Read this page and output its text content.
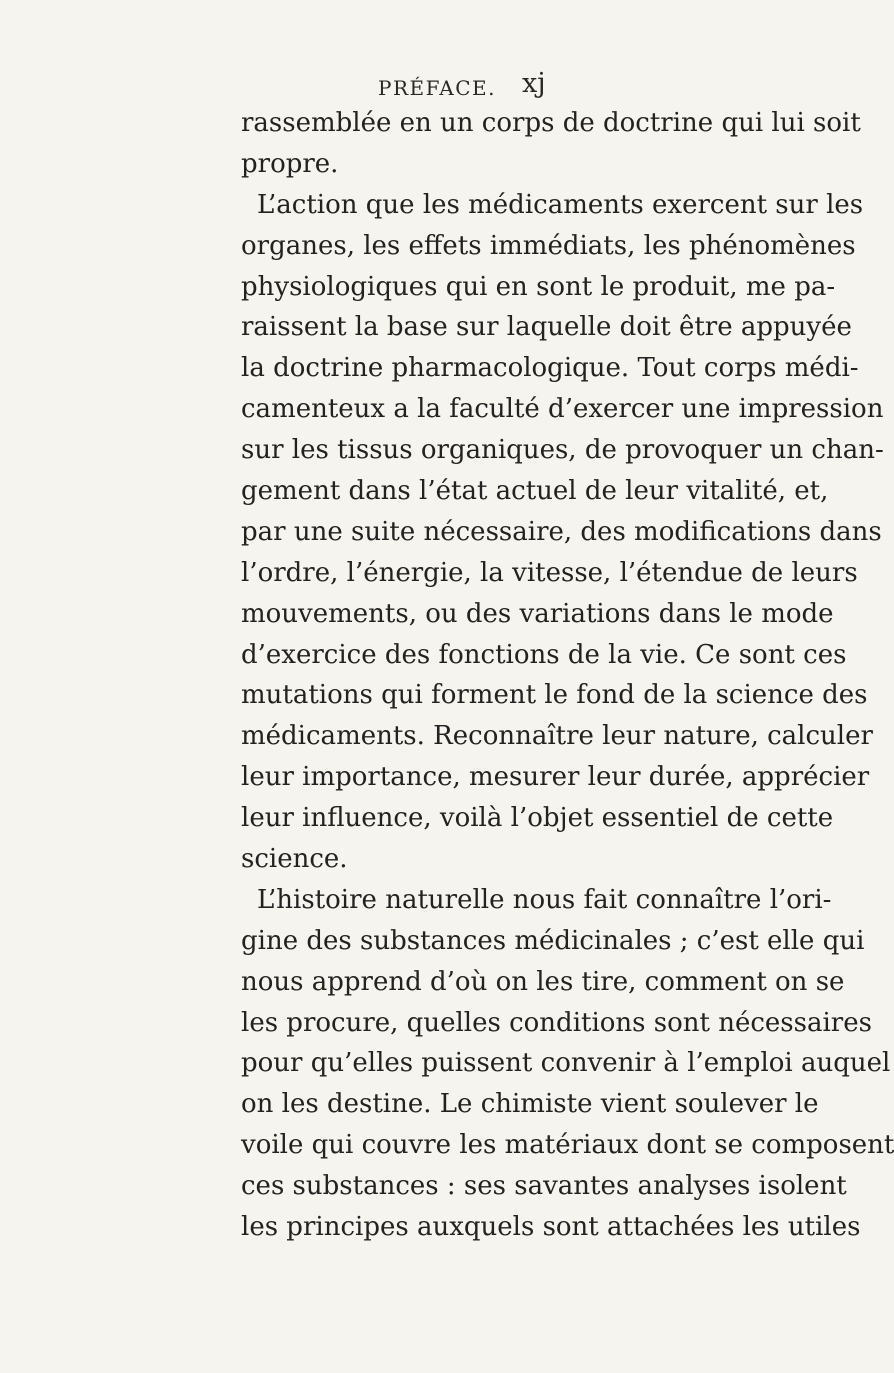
PRÉFACE. xj
rassemblée en un corps de doctrine qui lui soit
propre.
L’action que les médicaments exercent sur les
organes, les effets immédiats, les phénomènes
physiologiques qui en sont le produit, me pa-
raissent la base sur laquelle doit être appuyée
la doctrine pharmacologique. Tout corps médi-
camenteux a la faculté d’exercer une impression
sur les tissus organiques, de provoquer un chan-
gement dans l’état actuel de leur vitalité, et,
par une suite nécessaire, des modifications dans
l’ordre, l’énergie, la vitesse, l’étendue de leurs
mouvements, ou des variations dans le mode
d’exercice des fonctions de la vie. Ce sont ces
mutations qui forment le fond de la science des
médicaments. Reconnaître leur nature, calculer
leur importance, mesurer leur durée, apprécier
leur influence, voilà l’objet essentiel de cette
science.
L’histoire naturelle nous fait connaître l’ori-
gine des substances médicinales ; c’est elle qui
nous apprend d’où on les tire, comment on se
les procure, quelles conditions sont nécessaires
pour qu’elles puissent convenir à l’emploi auquel
on les destine. Le chimiste vient soulever le
voile qui couvre les matériaux dont se composent
ces substances : ses savantes analyses isolent
les principes auxquels sont attachées les utiles
